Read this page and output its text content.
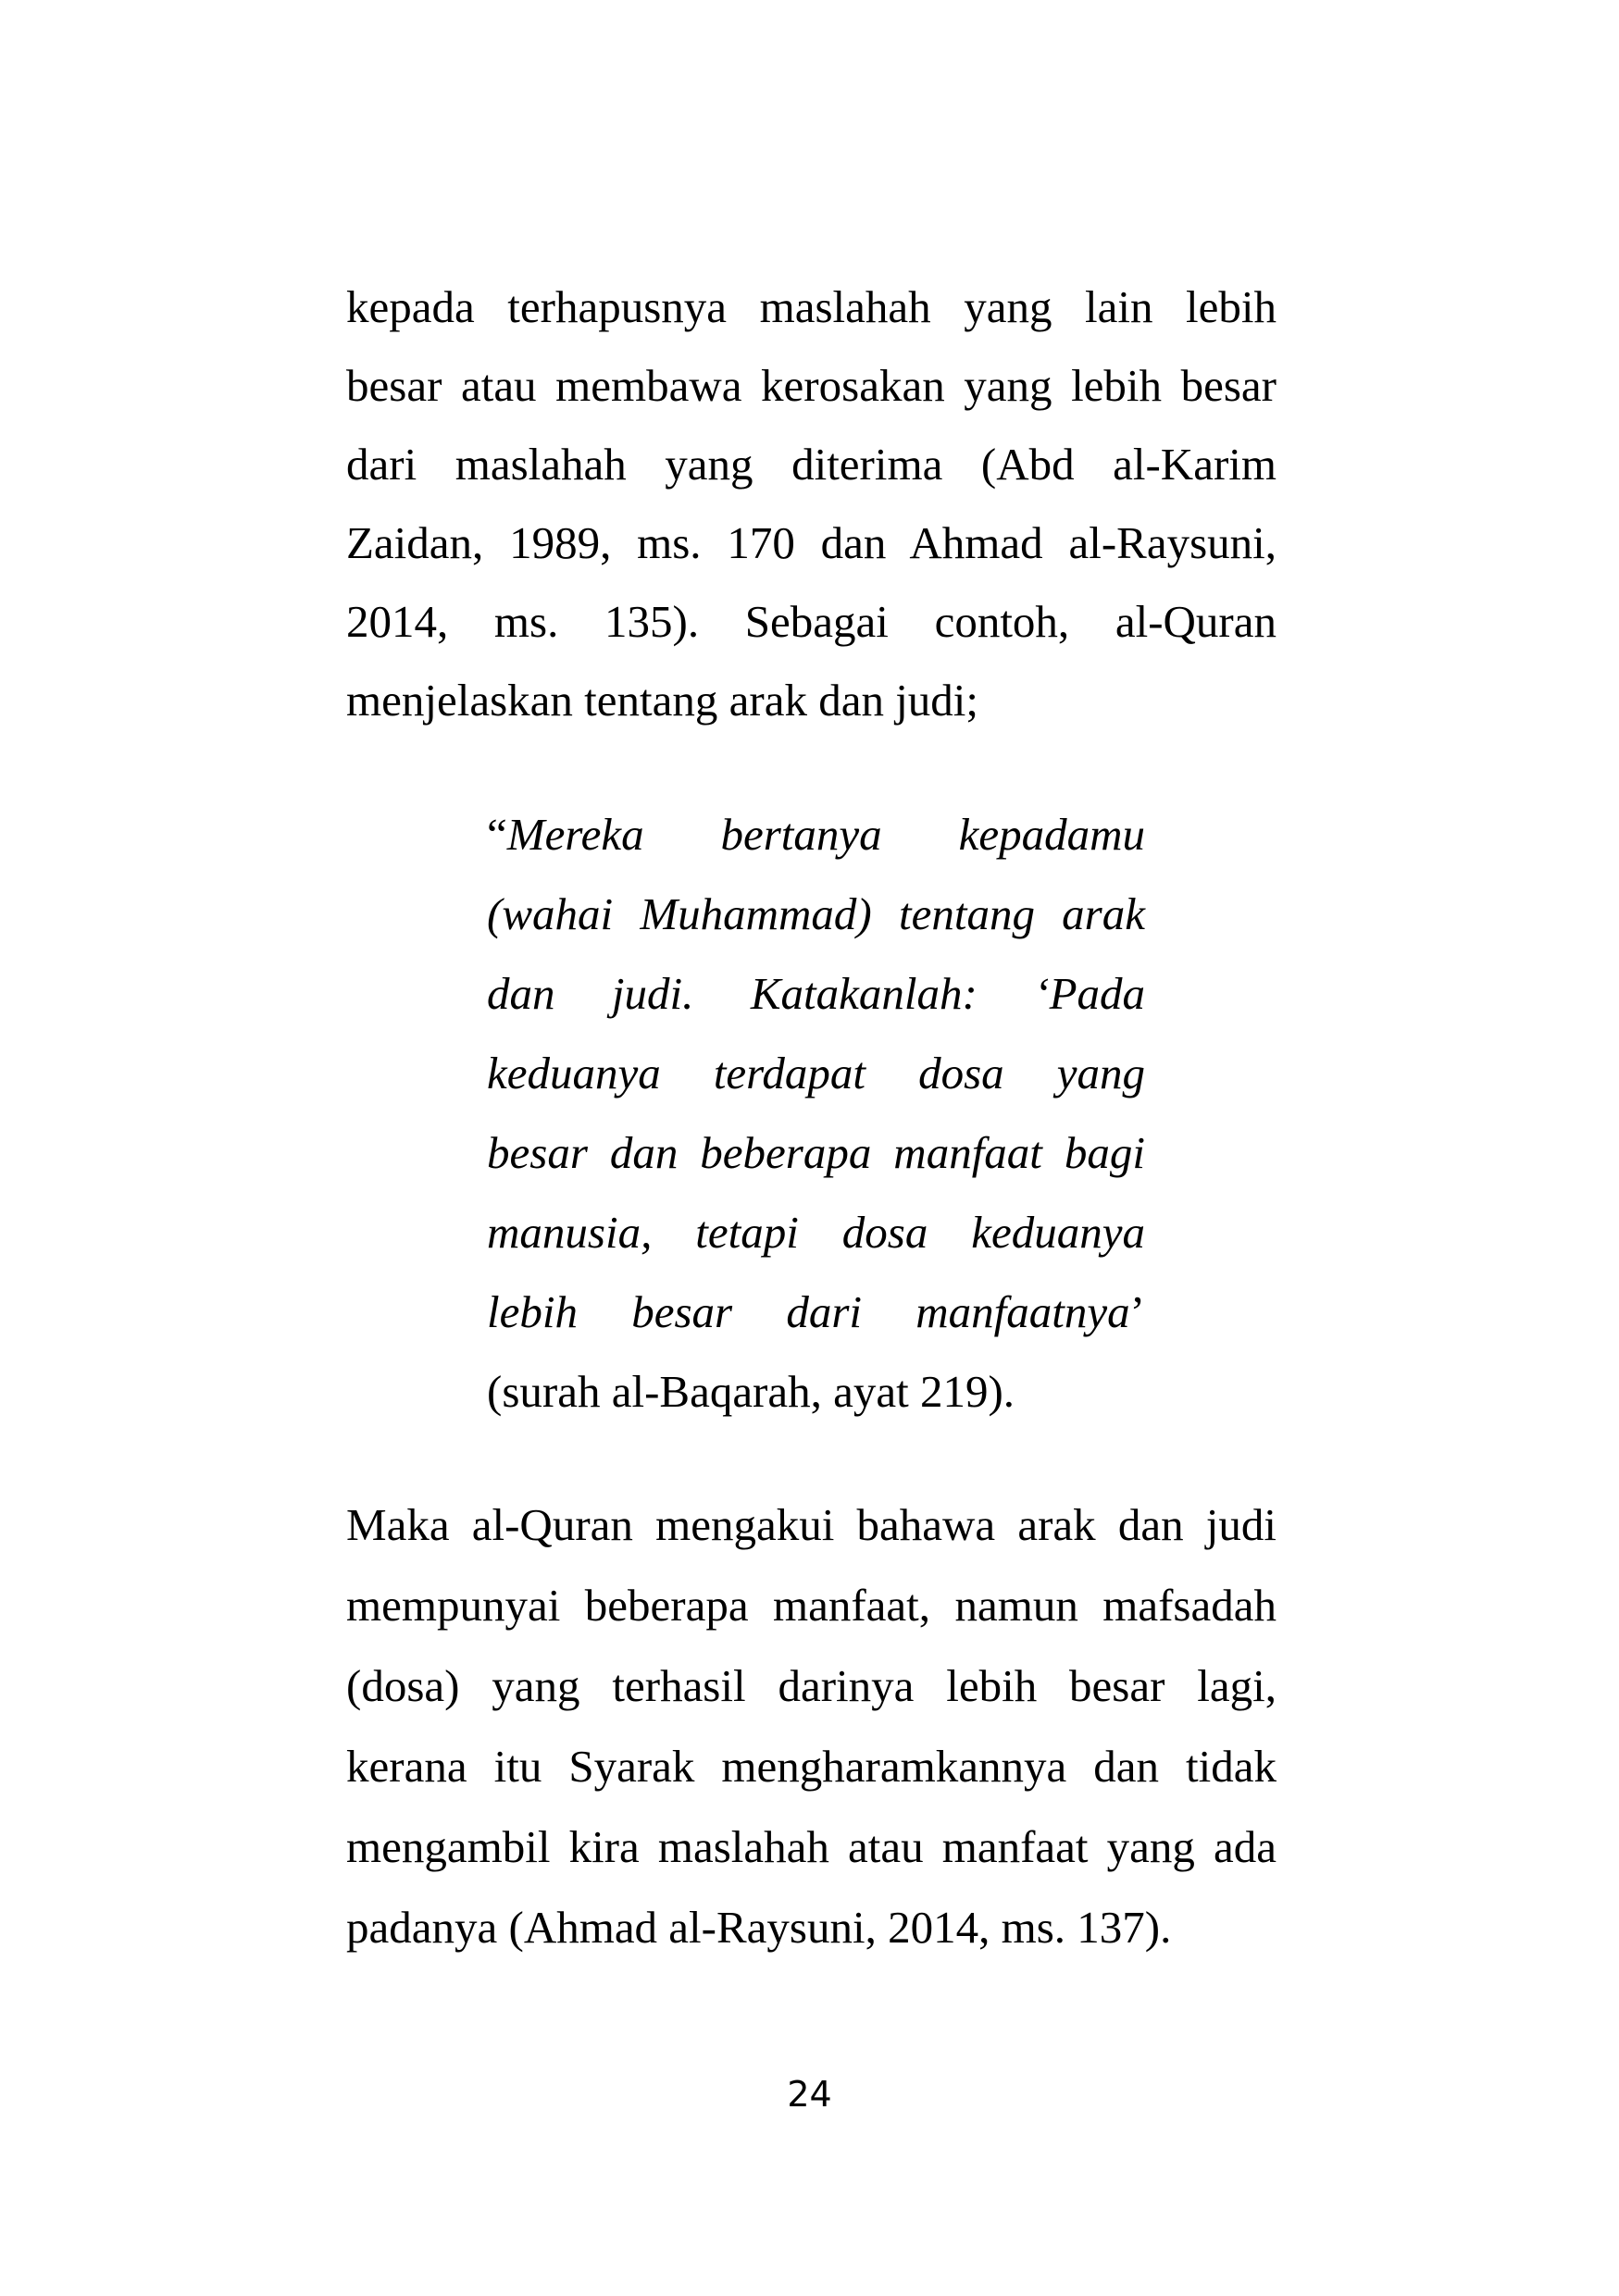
kepada terhapusnya maslahah yang lain lebih
besar atau membawa kerosakan yang lebih besar
dari maslahah yang diterima (Abd al-Karim
Zaidan, 1989, ms. 170 dan Ahmad al-Raysuni,
2014, ms. 135). Sebagai contoh, al-Quran
menjelaskan tentang arak dan judi;
“Mereka bertanya kepadamu
(wahai Muhammad) tentang arak
dan judi. Katakanlah: ‘Pada
keduanya terdapat dosa yang
besar dan beberapa manfaat bagi
manusia, tetapi dosa keduanya
lebih besar dari manfaatnya’
(surah al-Baqarah, ayat 219).
Maka al-Quran mengakui bahawa arak dan judi
mempunyai beberapa manfaat, namun mafsadah
(dosa) yang terhasil darinya lebih besar lagi,
kerana itu Syarak mengharamkannya dan tidak
mengambil kira maslahah atau manfaat yang ada
padanya (Ahmad al-Raysuni, 2014, ms. 137).
24
